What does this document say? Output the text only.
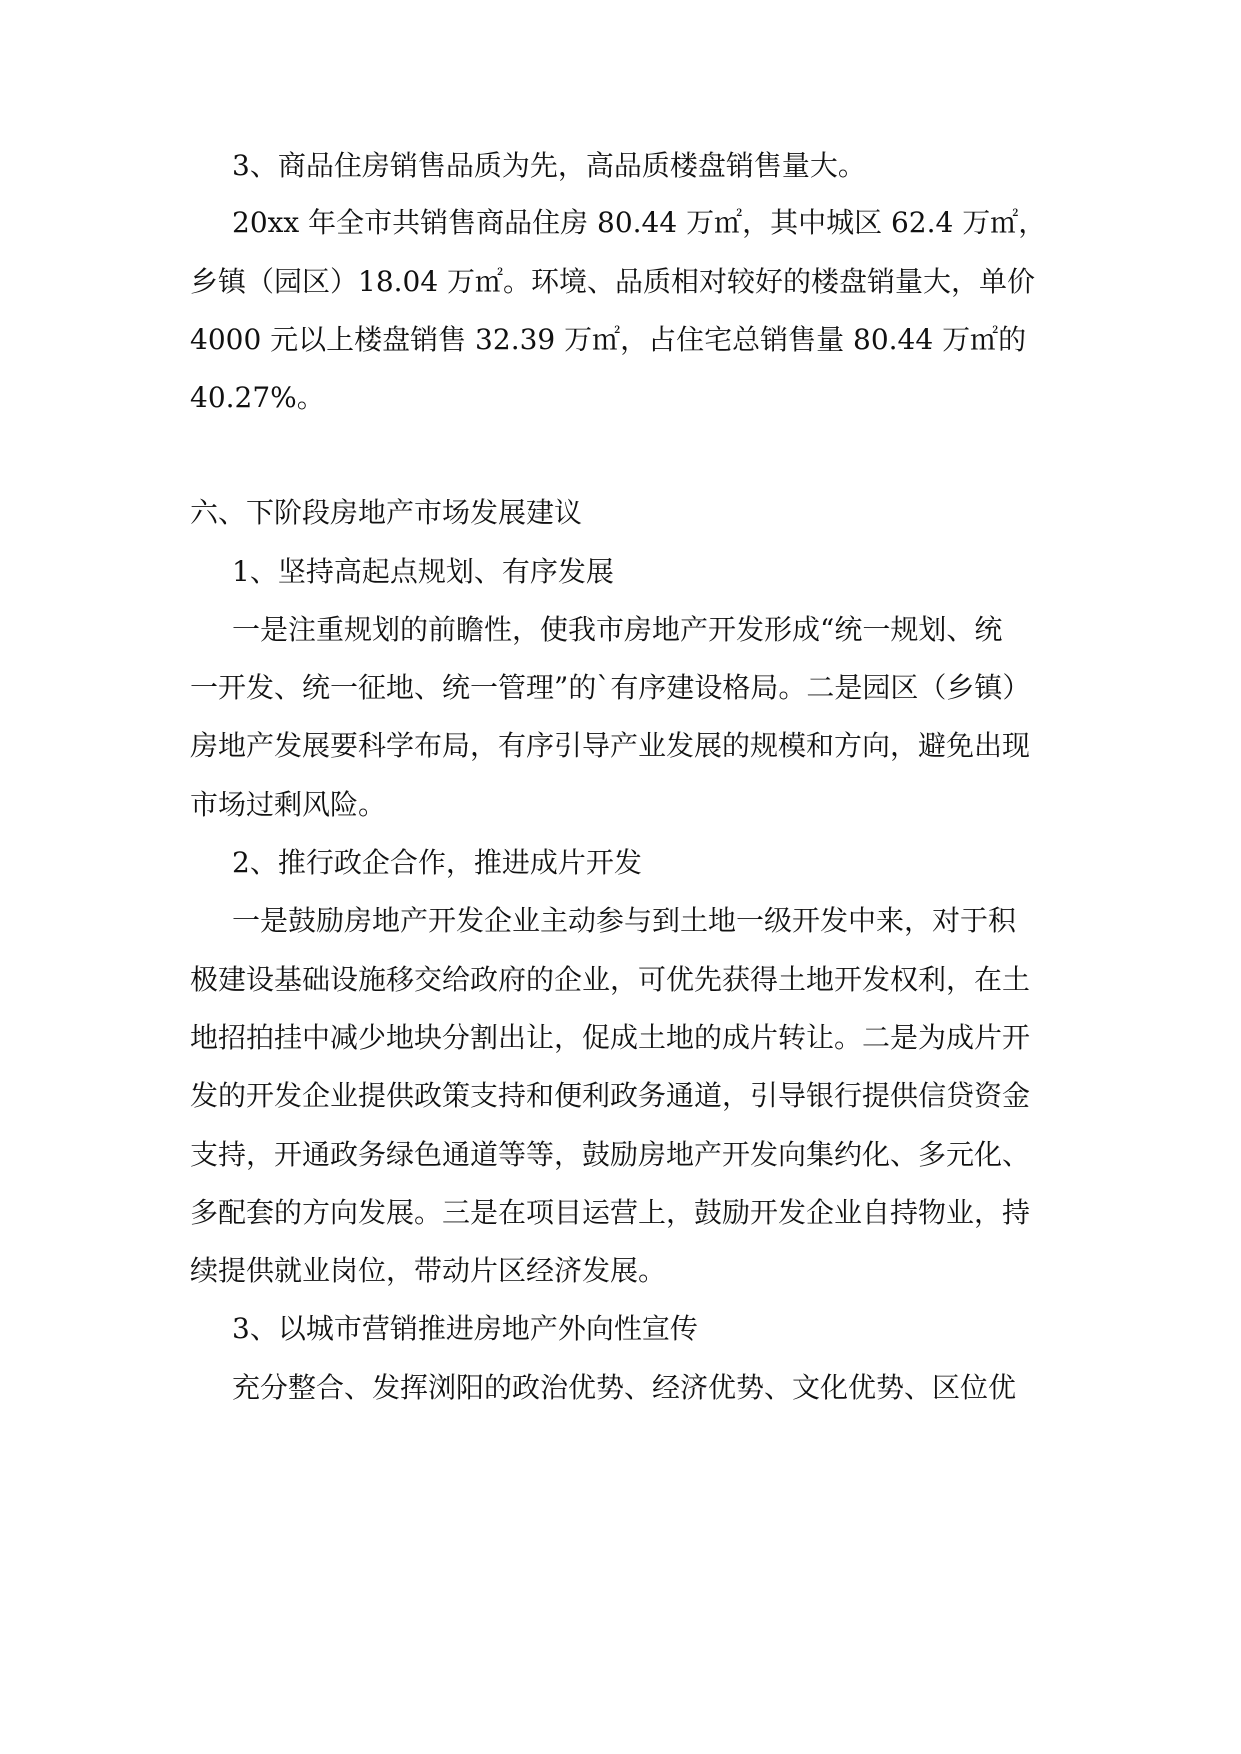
3、商品住房销售品质为先，高品质楼盘销售量大。
20xx 年全市共销售商品住房 80.44 万㎡，其中城区 62.4 万㎡，
乡镇（园区）18.04 万㎡。环境、品质相对较好的楼盘销量大，单价
4000 元以上楼盘销售 32.39 万㎡，占住宅总销售量 80.44 万㎡的
40.27%。
六、下阶段房地产市场发展建议
1、坚持高起点规划、有序发展
一是注重规划的前瞻性，使我市房地产开发形成“统一规划、统
一开发、统一征地、统一管理”的`有序建设格局。二是园区（乡镇）
房地产发展要科学布局，有序引导产业发展的规模和方向，避免出现
市场过剩风险。
2、推行政企合作，推进成片开发
一是鼓励房地产开发企业主动参与到土地一级开发中来，对于积
极建设基础设施移交给政府的企业，可优先获得土地开发权利，在土
地招拍挂中减少地块分割出让，促成土地的成片转让。二是为成片开
发的开发企业提供政策支持和便利政务通道，引导银行提供信贷资金
支持，开通政务绿色通道等等，鼓励房地产开发向集约化、多元化、
多配套的方向发展。三是在项目运营上，鼓励开发企业自持物业，持
续提供就业岗位，带动片区经济发展。
3、以城市营销推进房地产外向性宣传
充分整合、发挥浏阳的政治优势、经济优势、文化优势、区位优
